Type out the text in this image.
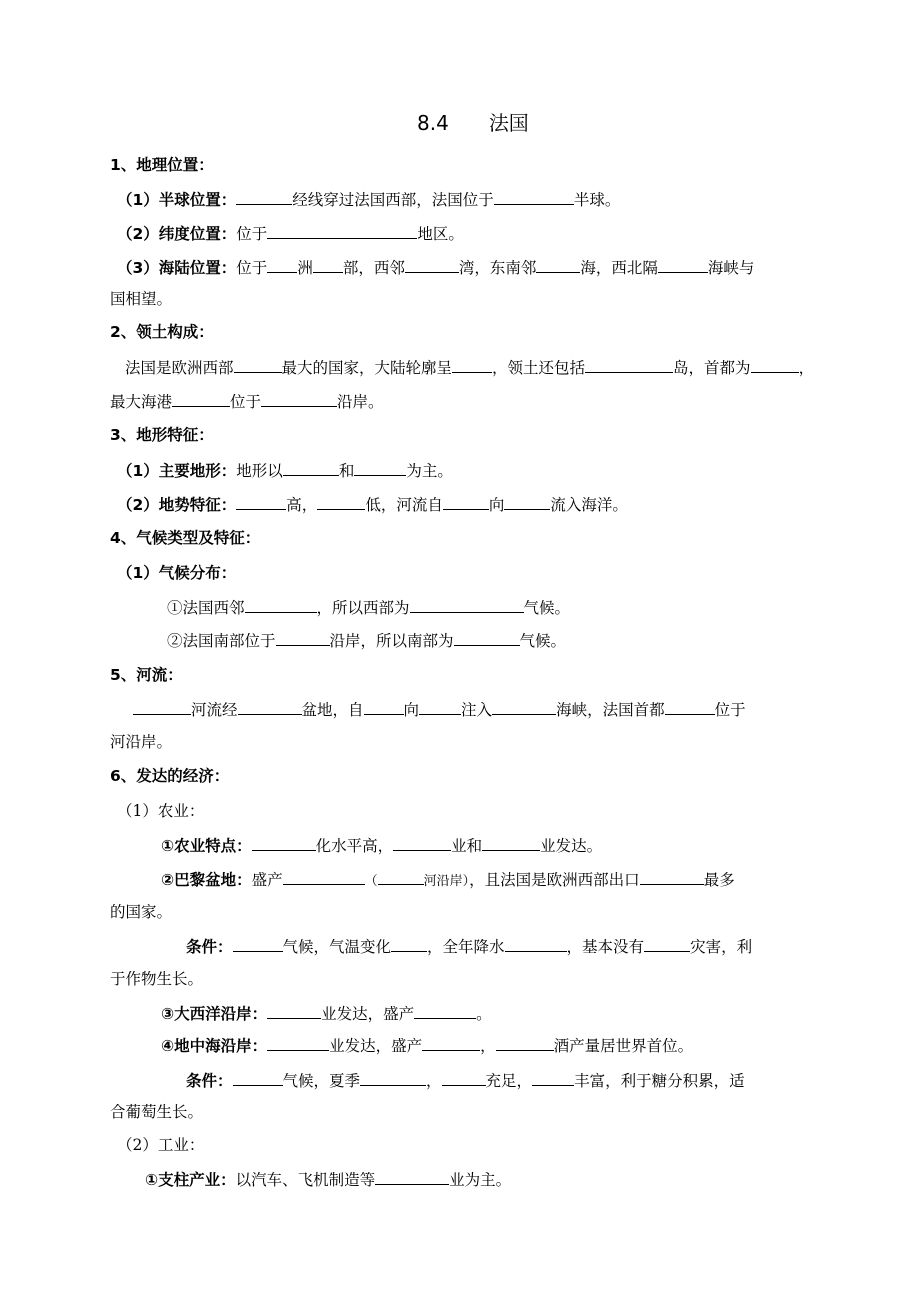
8.4 法国
1、地理位置：
（1）半球位置：	经线穿过法国西部，法国位于	半球。
（2）纬度位置：位于	地区。
（3）海陆位置：位于 洲 部，西邻	湾，东南邻	海，西北隔	海峡与
国相望。
2、领土构成：
法国是欧洲西部	最大的国家，大陆轮廓呈	，领土还包括	岛，首都为	，
最大海港	位于	沿岸。
3、地形特征：
（1）主要地形：地形以	和	为主。
（2）地势特征：	高，	低，河流自	向	流入海洋。
4、气候类型及特征：
（1）气候分布：
①法国西邻	，所以西部为	气候。
②法国南部位于	沿岸，所以南部为	气候。
5、河流：
河流经	盆地，自	向	注入	海峡，法国首都	位于
河沿岸。
6、发达的经济：
（1）农业：
①农业特点：	化水平高，	业和	业发达。
②巴黎盆地：盛产	（	河沿岸），且法国是欧洲西部出口	最多
的国家。
条件：	气候，气温变化 ，全年降水	，基本没有	灾害，利
于作物生长。
③大西洋沿岸：	业发达，盛产	。
④地中海沿岸：	业发达，盛产	，	酒产量居世界首位。
条件：	气候，夏季	，	充足，	丰富，利于糖分积累，适
合葡萄生长。
（2）工业：
①支柱产业：以汽车、飞机制造等	业为主。
